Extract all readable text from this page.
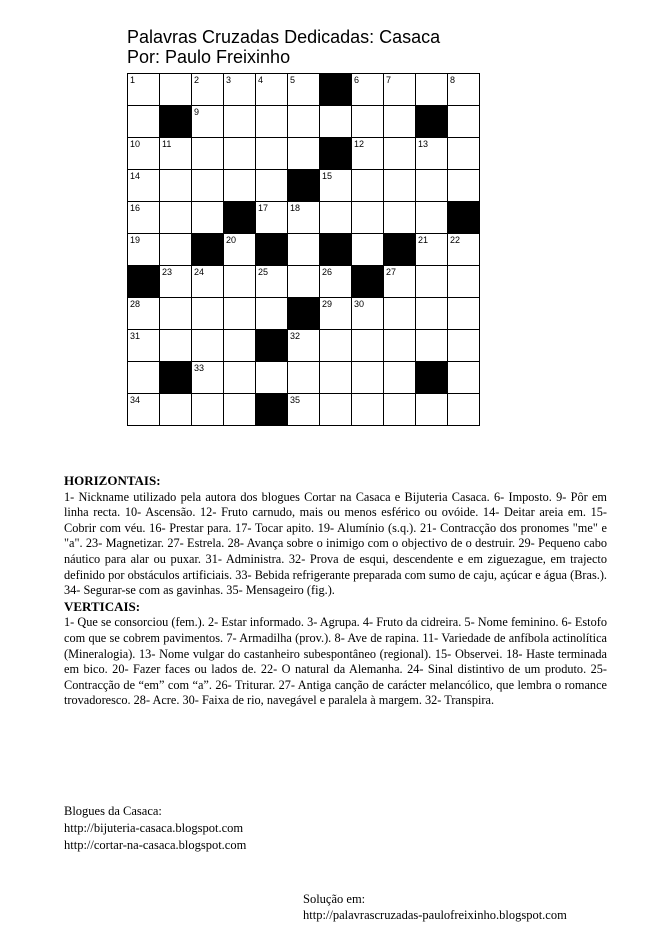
Palavras Cruzadas Dedicadas: Casaca
Por: Paulo Freixinho
1		2	3	4	5		6	7		8

		9								

10	11						12		13	

14						15				

16				17	18					

19			20						21	22

	23	24		25		26		27		

28						29	30			

31					32					

		33								

34					35					

HORIZONTAIS:

1- Nickname utilizado pela autora dos blogues Cortar na Casaca e Bijuteria Casaca. 6- Imposto. 9- Pôr em linha recta. 10- Ascensão. 12- Fruto carnudo, mais ou menos esférico ou ovóide. 14- Deitar areia em. 15- Cobrir com véu. 16- Prestar para. 17- Tocar apito. 19- Alumínio (s.q.). 21- Contracção dos pronomes "me" e "a". 23- Magnetizar. 27- Estrela. 28- Avança sobre o inimigo com o objectivo de o destruir. 29- Pequeno cabo náutico para alar ou puxar. 31- Administra. 32- Prova de esqui, descendente e em ziguezague, em trajecto definido por obstáculos artificiais. 33- Bebida refrigerante preparada com sumo de caju, açúcar e água (Bras.). 34- Segurar-se com as gavinhas. 35- Mensageiro (fig.).

VERTICAIS:

1- Que se consorciou (fem.). 2- Estar informado. 3- Agrupa. 4- Fruto da cidreira. 5- Nome feminino. 6- Estofo com que se cobrem pavimentos. 7- Armadilha (prov.). 8- Ave de rapina. 11- Variedade de anfíbola actinolítica (Mineralogia). 13- Nome vulgar do castanheiro subespontâneo (regional). 15- Observei. 18- Haste terminada em bico. 20- Fazer faces ou lados de. 22- O natural da Alemanha. 24- Sinal distintivo de um produto. 25- Contracção de “em” com “a”. 26- Triturar. 27- Antiga canção de carácter melancólico, que lembra o romance trovadoresco. 28- Acre. 30- Faixa de rio, navegável e paralela à margem. 32- Transpira.

Blogues da Casaca:
http://bijuteria-casaca.blogspot.com
http://cortar-na-casaca.blogspot.com
Solução em:
http://palavrascruzadas-paulofreixinho.blogspot.com
